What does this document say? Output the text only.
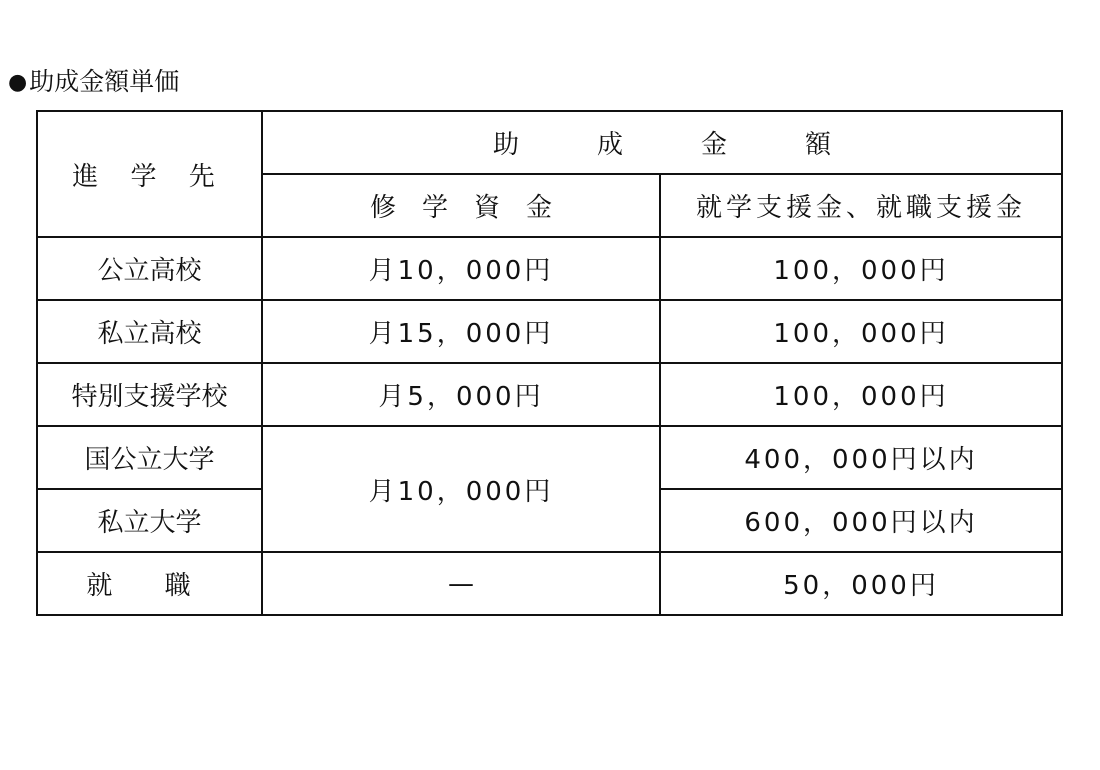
●助成金額単価
進 学 先	助　　　成　　　金　　　額	
	修　学　資　金	就学支援金、就職支援金
公立高校	月10，000円	100，000円
私立高校	月15，000円	100，000円
特別支援学校	月5，000円	100，000円
国公立大学	月10，000円	400，000円以内
私立大学		600，000円以内
就 職	—	50，000円
